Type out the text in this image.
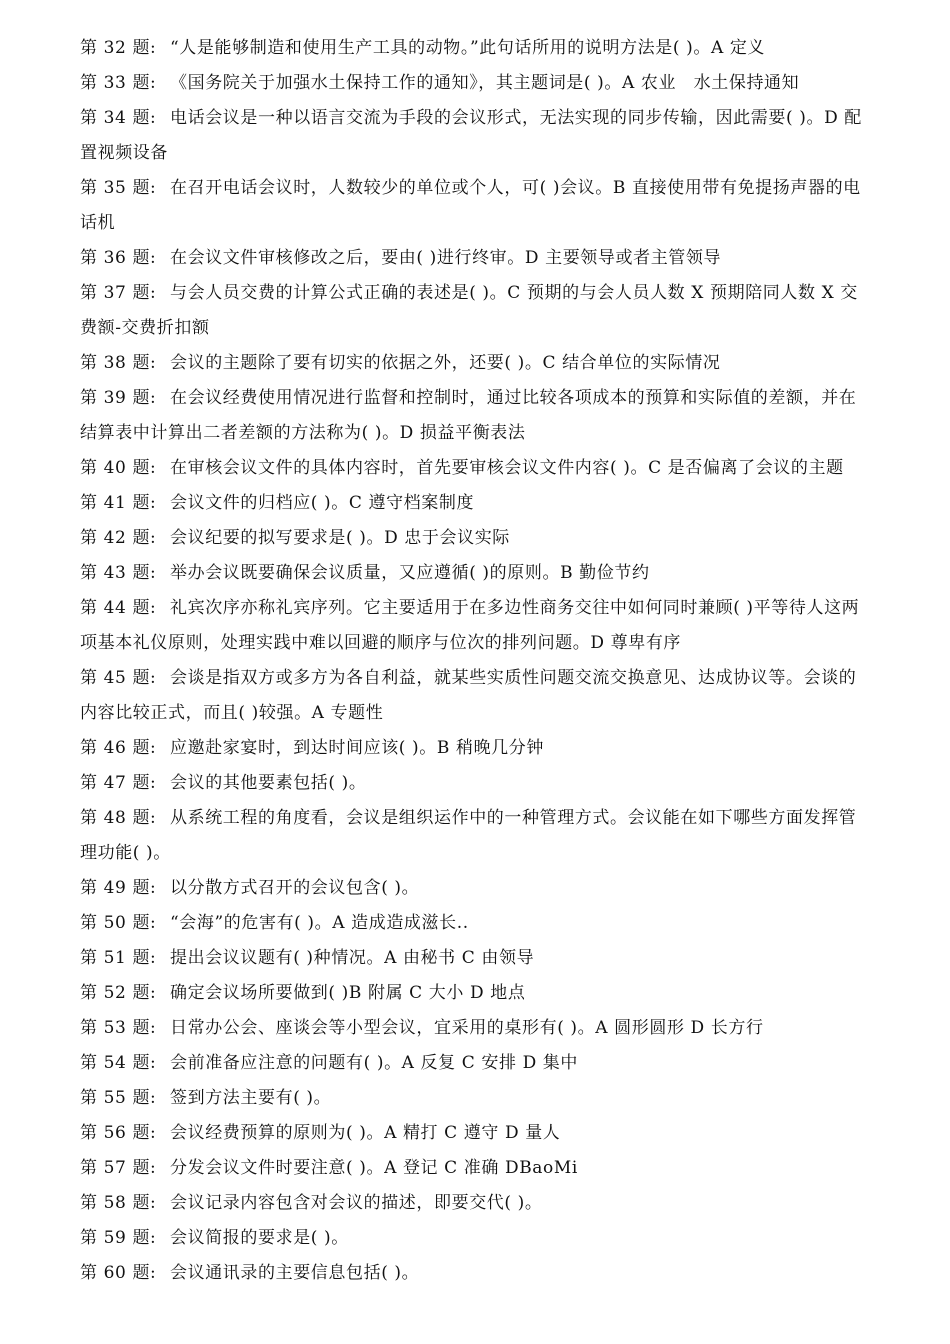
第 32 题: “人是能够制造和使用生产工具的动物。”此句话所用的说明方法是( )。A 定义

第 33 题: 《国务院关于加强水土保持工作的通知》，其主题词是( )。A 农业　水土保持通知

第 34 题: 电话会议是一种以语言交流为手段的会议形式，无法实现的同步传输，因此需要( )。D 配置视频设备

第 35 题: 在召开电话会议时，人数较少的单位或个人，可( )会议。B 直接使用带有免提扬声器的电话机

第 36 题: 在会议文件审核修改之后，要由( )进行终审。D 主要领导或者主管领导

第 37 题: 与会人员交费的计算公式正确的表述是( )。C 预期的与会人员人数 X 预期陪同人数 X 交费额-交费折扣额

第 38 题: 会议的主题除了要有切实的依据之外，还要( )。C 结合单位的实际情况

第 39 题: 在会议经费使用情况进行监督和控制时，通过比较各项成本的预算和实际值的差额，并在结算表中计算出二者差额的方法称为( )。D 损益平衡表法

第 40 题: 在审核会议文件的具体内容时，首先要审核会议文件内容( )。C 是否偏离了会议的主题

第 41 题: 会议文件的归档应( )。C 遵守档案制度

第 42 题: 会议纪要的拟写要求是( )。D 忠于会议实际

第 43 题: 举办会议既要确保会议质量，又应遵循( )的原则。B 勤俭节约

第 44 题: 礼宾次序亦称礼宾序列。它主要适用于在多边性商务交往中如何同时兼顾( )平等待人这两项基本礼仪原则，处理实践中难以回避的顺序与位次的排列问题。D 尊卑有序

第 45 题: 会谈是指双方或多方为各自利益，就某些实质性问题交流交换意见、达成协议等。会谈的内容比较正式，而且( )较强。A 专题性

第 46 题: 应邀赴家宴时，到达时间应该( )。B 稍晚几分钟

第 47 题: 会议的其他要素包括( )。

第 48 题: 从系统工程的角度看，会议是组织运作中的一种管理方式。会议能在如下哪些方面发挥管理功能( )。

第 49 题: 以分散方式召开的会议包含( )。

第 50 题: “会海”的危害有( )。A 造成造成滋长..

第 51 题: 提出会议议题有( )种情况。A 由秘书 C 由领导

第 52 题: 确定会议场所要做到( )B 附属 C 大小 D 地点

第 53 题: 日常办公会、座谈会等小型会议，宜采用的桌形有( )。A 圆形圆形 D 长方行

第 54 题: 会前准备应注意的问题有( )。A 反复 C 安排 D 集中

第 55 题: 签到方法主要有( )。

第 56 题: 会议经费预算的原则为( )。A 精打 C 遵守 D 量人

第 57 题: 分发会议文件时要注意( )。A 登记 C 准确 DBaoMi

第 58 题: 会议记录内容包含对会议的描述，即要交代( )。

第 59 题: 会议简报的要求是( )。

第 60 题: 会议通讯录的主要信息包括( )。
